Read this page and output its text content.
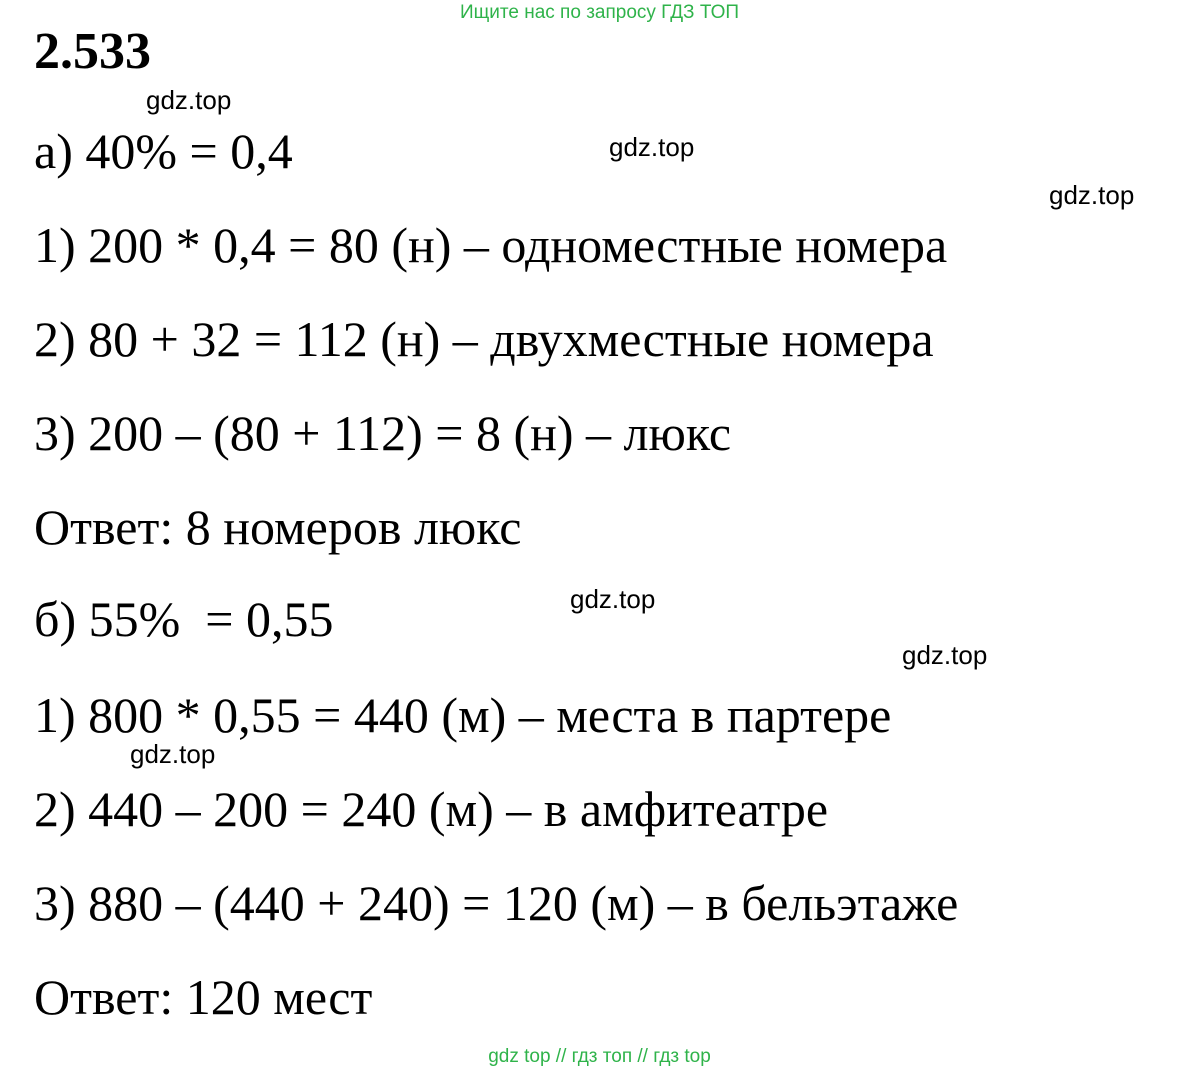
Ищите нас по запросу ГДЗ ТОП
2.533
gdz.top
а) 40% = 0,4	gdz.top
gdz.top
1) 200 * 0,4 = 80 (н) – одноместные номера
2) 80 + 32 = 112 (н) – двухместные номера
3) 200 – (80 + 112) = 8 (н) – люкс
Ответ: 8 номеров люкс
б) 55%  = 0,55	gdz.top
gdz.top
1) 800 * 0,55 = 440 (м) – места в партере
gdz.top
2) 440 – 200 = 240 (м) – в амфитеатре
3) 880 – (440 + 240) = 120 (м) – в бельэтаже
Ответ: 120 мест
gdz top // гдз топ // гдз top
